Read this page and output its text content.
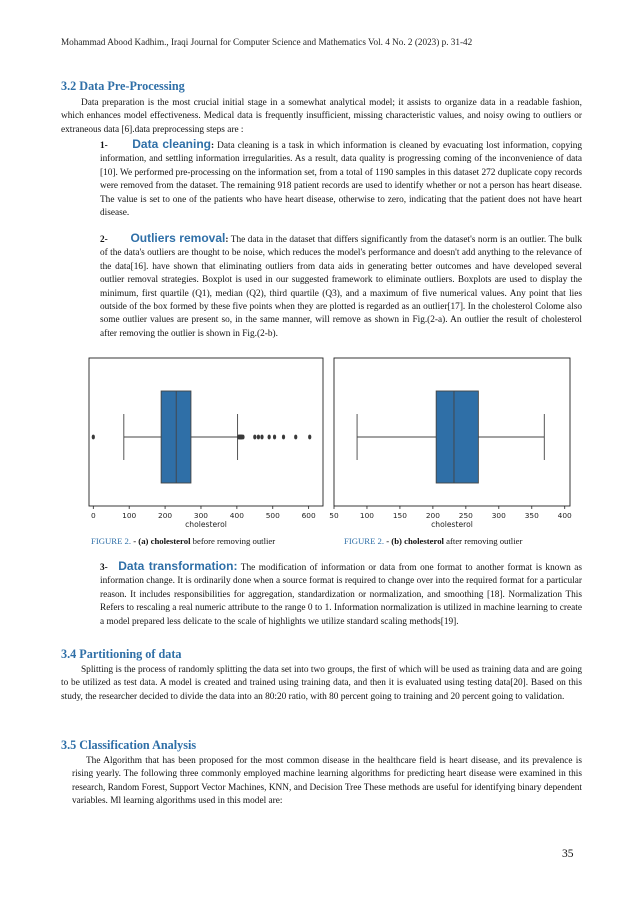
Mohammad Abood Kadhim., Iraqi Journal for Computer Science and Mathematics Vol. 4 No. 2 (2023) p. 31-42
3.2 Data Pre-Processing

Data preparation is the most crucial initial stage in a somewhat analytical model; it assists to organize data in a readable fashion, which enhances model effectiveness. Medical data is frequently insufficient, missing characteristic values, and noisy owing to outliers or extraneous data [6].data preprocessing steps are :

1- Data cleaning: Data cleaning is a task in which information is cleaned by evacuating lost information, copying information, and settling information irregularities. As a result, data quality is progressing coming of the inconvenience of data [10]. We performed pre-processing on the information set, from a total of 1190 samples in this dataset 272 duplicate copy records were removed from the dataset. The remaining 918 patient records are used to identify whether or not a person has heart disease. The value is set to one of the patients who have heart disease, otherwise to zero, indicating that the patient does not have heart disease.

2- Outliers removal: The data in the dataset that differs significantly from the dataset's norm is an outlier. The bulk of the data's outliers are thought to be noise, which reduces the model's performance and doesn't add anything to the relevance of the data[16]. have shown that eliminating outliers from data aids in generating better outcomes and have developed several outlier removal strategies. Boxplot is used in our suggested framework to eliminate outliers. Boxplots are used to display the minimum, first quartile (Q1), median (Q2), third quartile (Q3), and a maximum of five numerical values. Any point that lies outside of the box formed by these five points when they are plotted is regarded as an outlier[17]. In the cholesterol Colome also some outlier values are present so, in the same manner, will remove as shown in Fig.(2-a). An outlier the result of cholesterol after removing the outlier is shown in Fig.(2-b).

0	100	200	300	400	500	600
cholesterol
50	100	150	200	250	300	350	400
cholesterol
FIGURE 2. - (a) cholesterol before removing outlier	FIGURE 2. - (b) cholesterol after removing outlier

3- Data transformation: The modification of information or data from one format to another format is known as information change. It is ordinarily done when a source format is required to change over into the required format for a particular reason. It includes responsibilities for aggregation, standardization or normalization, and smoothing [18]. Normalization This Refers to rescaling a real numeric attribute to the range 0 to 1. Information normalization is utilized in machine learning to create a model prepared less delicate to the scale of highlights we utilize standard scaling methods[19].

3.4 Partitioning of data

Splitting is the process of randomly splitting the data set into two groups, the first of which will be used as training data and are going to be utilized as test data. A model is created and trained using training data, and then it is evaluated using testing data[20]. Based on this study, the researcher decided to divide the data into an 80:20 ratio, with 80 percent going to training and 20 percent going to validation.

3.5 Classification Analysis

The Algorithm that has been proposed for the most common disease in the healthcare field is heart disease, and its prevalence is rising yearly. The following three commonly employed machine learning algorithms for predicting heart disease were examined in this research, Random Forest, Support Vector Machines, KNN, and Decision Tree These methods are useful for identifying binary dependent variables. Ml learning algorithms used in this model are:

35
